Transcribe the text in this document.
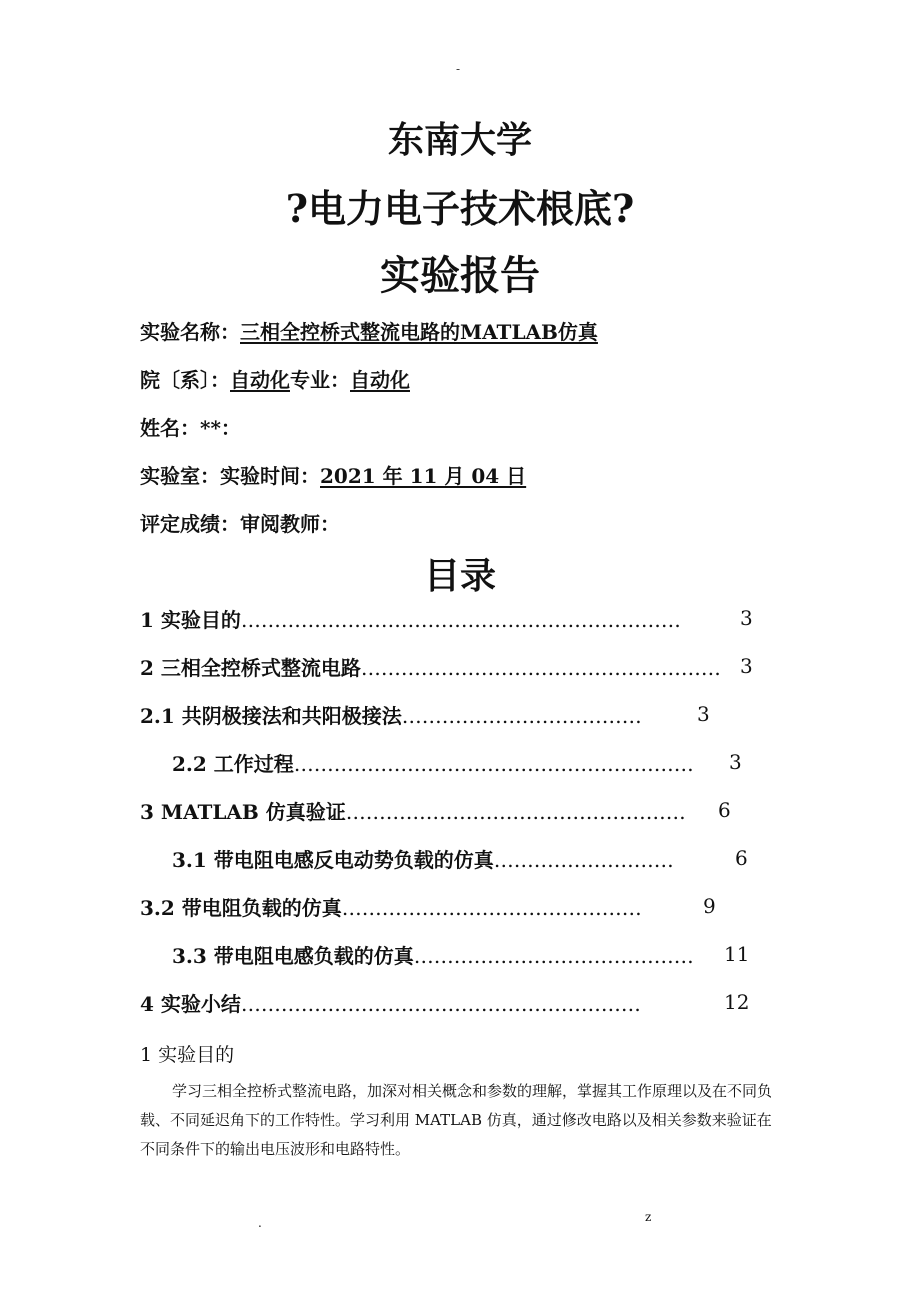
-
东南大学
?电力电子技术根底?
实验报告
实验名称：三相全控桥式整流电路的MATLAB仿真
院〔系〕：自动化专业：自动化
姓名：**：
实验室：实验时间：2021 年 11 月 04 日
评定成绩：审阅教师：
目录
1 实验目的…………………………………………………………	3
2 三相全控桥式整流电路……………………………………………… 3
2.1 共阴极接法和共阳极接法………………………………	3
2.2 工作过程…………………………………………………… 3
3 MATLAB 仿真验证…………………………………………… 6
3.1 带电阻电感反电动势负载的仿真………………………	6
3.2 带电阻负载的仿真………………………………………	9
3.3 带电阻电感负载的仿真…………………………………… 11
4 实验小结……………………………………………………	12
1 实验目的
学习三相全控桥式整流电路，加深对相关概念和参数的理解，掌握其工作原理以及在不同负载、不同延迟角下的工作特性。学习利用 MATLAB 仿真，通过修改电路以及相关参数来验证在不同条件下的输出电压波形和电路特性。
.	z
